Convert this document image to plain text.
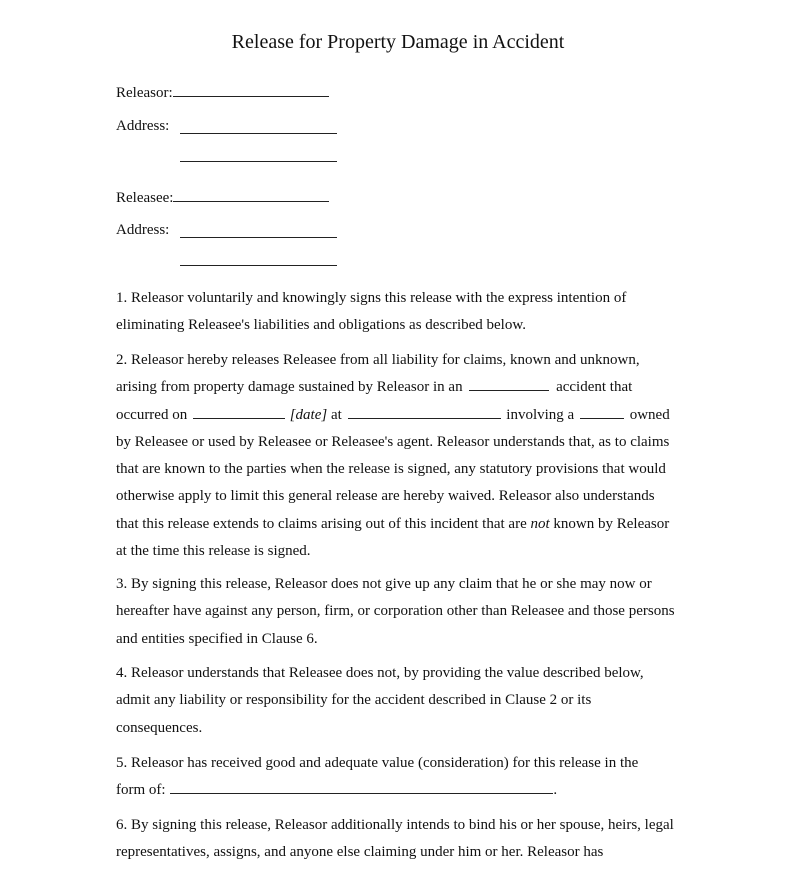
Release for Property Damage in Accident
Releasor:
Address:
Releasee:
Address:

1. Releasor voluntarily and knowingly signs this release with the express intention of eliminating Releasee's liabilities and obligations as described below.

2. Releasor hereby releases Releasee from all liability for claims, known and unknown,
arising from property damage sustained by Releasor in an	accident that
occurred on	[date] at	involving a	owned

by Releasee or used by Releasee or Releasee's agent. Releasor understands that, as to claims that are known to the parties when the release is signed, any statutory provisions that would otherwise apply to limit this general release are hereby waived. Releasor also understands that this release extends to claims arising out of this incident that are not known by Releasor at the time this release is signed.

3. By signing this release, Releasor does not give up any claim that he or she may now or hereafter have against any person, firm, or corporation other than Releasee and those persons and entities specified in Clause 6.

4. Releasor understands that Releasee does not, by providing the value described below, admit any liability or responsibility for the accident described in Clause 2 or its consequences.

5. Releasor has received good and adequate value (consideration) for this release in the
form of:	.

6. By signing this release, Releasor additionally intends to bind his or her spouse, heirs, legal representatives, assigns, and anyone else claiming under him or her. Releasor has
